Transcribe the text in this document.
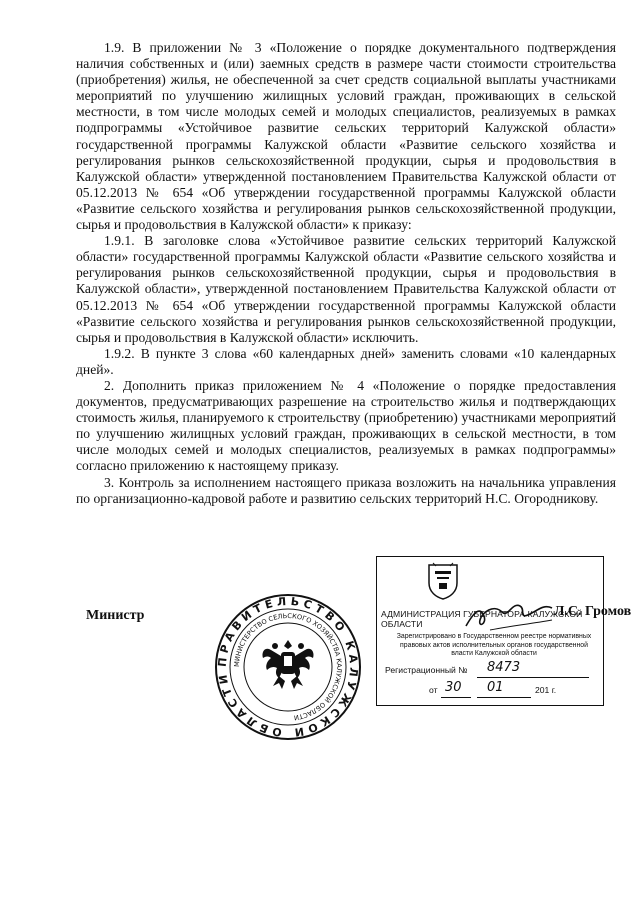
1.9. В приложении № 3 «Положение о порядке документального подтверждения наличия собственных и (или) заемных средств в размере части стоимости строительства (приобретения) жилья, не обеспеченной за счет средств социальной выплаты участниками мероприятий по улучшению жилищных условий граждан, проживающих в сельской местности, в том числе молодых семей и молодых специалистов, реализуемых в рамках подпрограммы «Устойчивое развитие сельских территорий Калужской области» государственной программы Калужской области «Развитие сельского хозяйства и регулирования рынков сельскохозяйственной продукции, сырья и продовольствия в Калужской области» утвержденной постановлением Правительства Калужской области от 05.12.2013 № 654 «Об утверждении государственной программы Калужской области «Развитие сельского хозяйства и регулирования рынков сельскохозяйственной продукции, сырья и продовольствия в Калужской области» к приказу:

1.9.1. В заголовке слова «Устойчивое развитие сельских территорий Калужской области» государственной программы Калужской области «Развитие сельского хозяйства и регулирования рынков сельскохозяйственной продукции, сырья и продовольствия в Калужской области», утвержденной постановлением Правительства Калужской области от 05.12.2013 № 654 «Об утверждении государственной программы Калужской области «Развитие сельского хозяйства и регулирования рынков сельскохозяйственной продукции, сырья и продовольствия в Калужской области» исключить.

1.9.2. В пункте 3 слова «60 календарных дней» заменить словами «10 календарных дней».

2. Дополнить приказ приложением № 4 «Положение о порядке предоставления документов, предусматривающих разрешение на строительство жилья и подтверждающих стоимость жилья, планируемого к строительству (приобретению) участниками мероприятий по улучшению жилищных условий граждан, проживающих в сельской местности, в том числе молодых семей и молодых специалистов, реализуемых в рамках подпрограммы» согласно приложению к настоящему приказу.

3. Контроль за исполнением настоящего приказа возложить на начальника управления по организационно-кадровой работе и развитию сельских территорий Н.С. Огородникову.

ПРАВИТЕЛЬСТВО КАЛУЖСКОЙ ОБЛАСТИ
МИНИСТЕРСТВО СЕЛЬСКОГО ХОЗЯЙСТВА КАЛУЖСКОЙ ОБЛАСТИ
АДМИНИСТРАЦИЯ ГУБЕРНАТОРА КАЛУЖСКОЙ ОБЛАСТИ
Зарегистрировано в Государственном реестре нормативных правовых актов исполнительных органов государственной власти Калужской области
Регистрационный № 8473
от 30 01	201 г.
Министр	Л.С. Громов
